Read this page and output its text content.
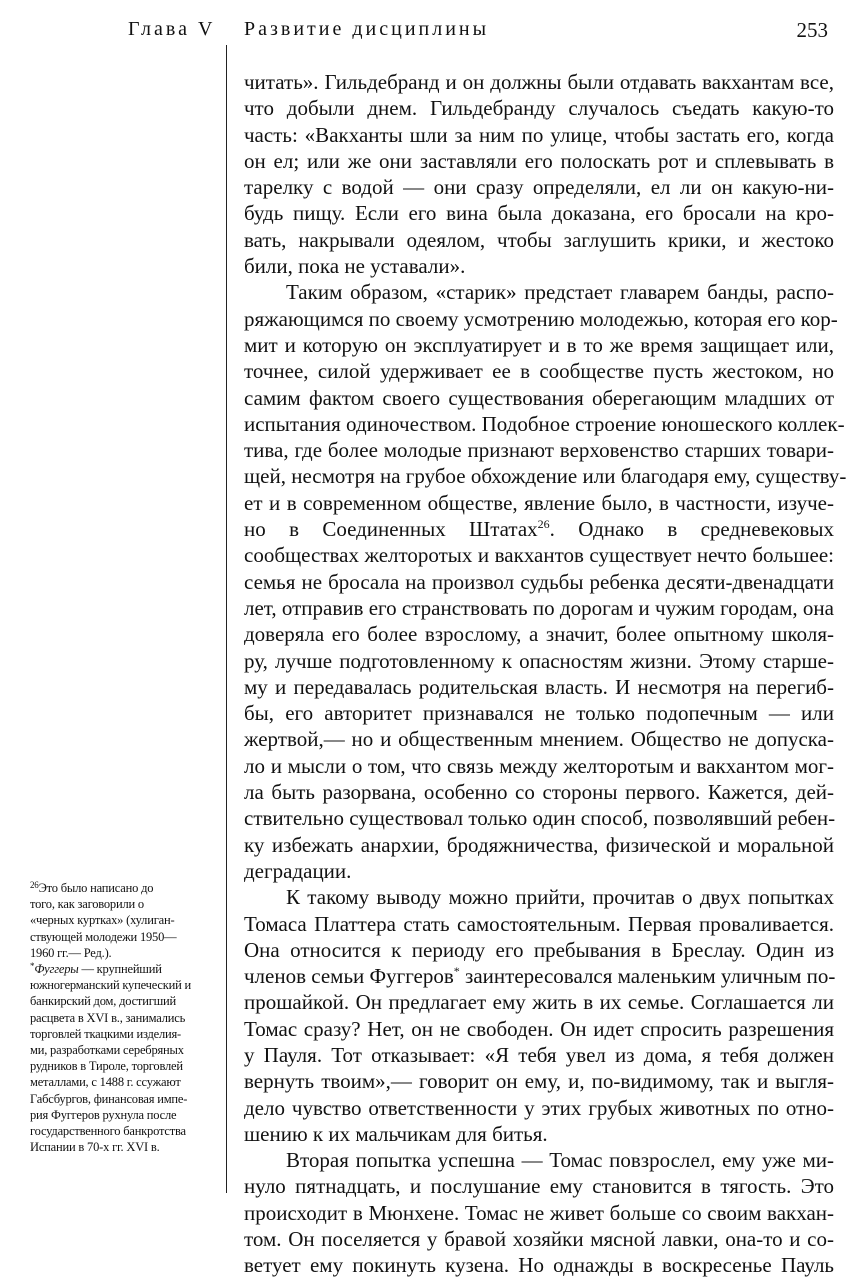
Глава V Развитие дисциплины	253
читать». Гильдебранд и он должны были отдавать вакхантам все,
что добыли днем. Гильдебранду случалось съедать какую-то
часть: «Вакханты шли за ним по улице, чтобы застать его, когда
он ел; или же они заставляли его полоскать рот и сплевывать в
тарелку с водой — они сразу определяли, ел ли он какую-ни-
будь пищу. Если его вина была доказана, его бросали на кро-
вать, накрывали одеялом, чтобы заглушить крики, и жестоко
били, пока не уставали».
Таким образом, «старик» предстает главарем банды, распо-
ряжающимся по своему усмотрению молодежью, которая его кор-
мит и которую он эксплуатирует и в то же время защищает или,
точнее, силой удерживает ее в сообществе пусть жестоком, но
самим фактом своего существования оберегающим младших от
испытания одиночеством. Подобное строение юношеского коллек-
тива, где более молодые признают верховенство старших товари-
щей, несмотря на грубое обхождение или благодаря ему, существу-
ет и в современном обществе, явление было, в частности, изуче-
но в Соединенных Штатах$^{26}$. Однако в средневековых
сообществах желторотых и вакхантов существует нечто большее:
семья не бросала на произвол судьбы ребенка десяти-двенадцати
лет, отправив его странствовать по дорогам и чужим городам, она
доверяла его более взрослому, а значит, более опытному школя-
ру, лучше подготовленному к опасностям жизни. Этому старше-
му и передавалась родительская власть. И несмотря на перегиб-
бы, его авторитет признавался не только подопечным — или
жертвой,— но и общественным мнением. Общество не допуска-
ло и мысли о том, что связь между желторотым и вакхантом мог-
ла быть разорвана, особенно со стороны первого. Кажется, дей-
ствительно существовал только один способ, позволявший ребен-
ку избежать анархии, бродяжничества, физической и моральной
деградации.
К такому выводу можно прийти, прочитав о двух попытках
Томаса Платтера стать самостоятельным. Первая проваливается.
Она относится к периоду его пребывания в Бреслау. Один из
членов семьи Фуггеров* заинтересовался маленьким уличным по-
прошайкой. Он предлагает ему жить в их семье. Соглашается ли
Томас сразу? Нет, он не свободен. Он идет спросить разрешения
у Пауля. Тот отказывает: «Я тебя увел из дома, я тебя должен
вернуть твоим»,— говорит он ему, и, по-видимому, так и выгля-
дело чувство ответственности у этих грубых животных по отно-
шению к их мальчикам для битья.
Вторая попытка успешна — Томас повзрослел, ему уже ми-
нуло пятнадцать, и послушание ему становится в тягость. Это
происходит в Мюнхене. Томас не живет больше со своим вакхан-
том. Он поселяется у бравой хозяйки мясной лавки, она-то и со-
ветует ему покинуть кузена. Но однажды в воскресенье Пауль
$^{26}$Это было написано до
того, как заговорили о
«черных куртках» (хулиган-
ствующей молодежи 1950—
1960 гг.— Ред.).
*Фуггеры — крупнейший
южногерманский купеческий и
банкирский дом, достигший
расцвета в XVI в., занимались
торговлей ткацкими изделия-
ми, разработками серебряных
рудников в Тироле, торговлей
металлами, с 1488 г. ссужают
Габсбургов, финансовая импе-
рия Фуггеров рухнула после
государственного банкротства
Испании в 70-х гг. XVI в.
